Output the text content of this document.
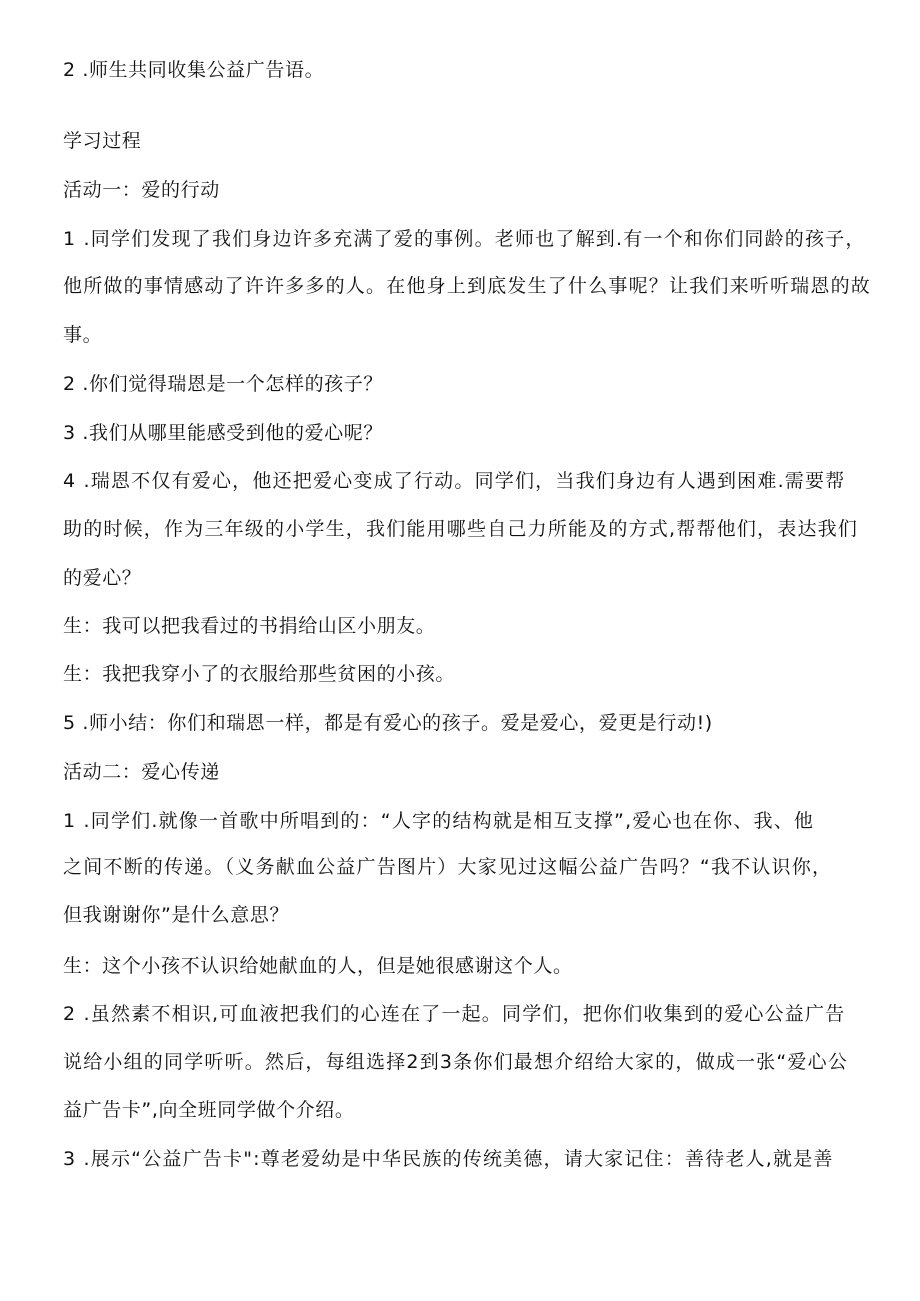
2 .师生共同收集公益广告语。
学习过程
活动一：爱的行动
1 .同学们发现了我们身边许多充满了爱的事例。老师也了解到.有一个和你们同龄的孩子，
他所做的事情感动了许许多多的人。在他身上到底发生了什么事呢？让我们来听听瑞恩的故
事。
2 .你们觉得瑞恩是一个怎样的孩子？
3 .我们从哪里能感受到他的爱心呢？
4 .瑞恩不仅有爱心，他还把爱心变成了行动。同学们，当我们身边有人遇到困难.需要帮
助的时候，作为三年级的小学生，我们能用哪些自己力所能及的方式,帮帮他们，表达我们
的爱心？
生：我可以把我看过的书捐给山区小朋友。
生：我把我穿小了的衣服给那些贫困的小孩。
5 .师小结：你们和瑞恩一样，都是有爱心的孩子。爱是爱心，爱更是行动!)
活动二：爱心传递
1 .同学们.就像一首歌中所唱到的：“人字的结构就是相互支撑”,爱心也在你、我、他
之间不断的传递。（义务献血公益广告图片）大家见过这幅公益广告吗？“我不认识你，
但我谢谢你”是什么意思？
生：这个小孩不认识给她献血的人，但是她很感谢这个人。
2 .虽然素不相识,可血液把我们的心连在了一起。同学们，把你们收集到的爱心公益广告
说给小组的同学听听。然后，每组选择2到3条你们最想介绍给大家的，做成一张“爱心公
益广告卡”,向全班同学做个介绍。
3 .展示“公益广告卡":尊老爱幼是中华民族的传统美德，请大家记住：善待老人,就是善
